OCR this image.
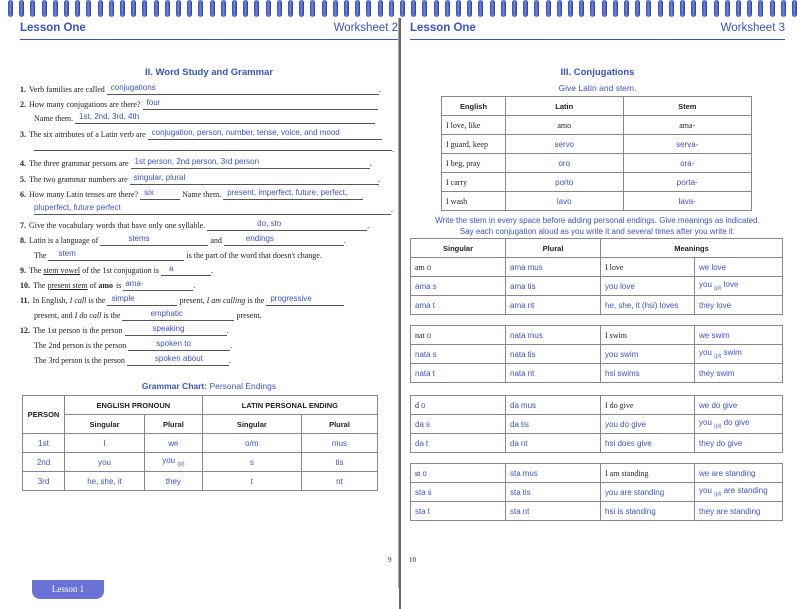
Lesson One	Worksheet 2
II. Word Study and Grammar
1. Verb families are called conjugations	.
2. How many conjugations are there? four
Name them. 1st, 2nd, 3rd, 4th
3. The six attributes of a Latin verb are conjugation, person, number, tense, voice, and mood
.
4. The three grammar persons are 1st person, 2nd person, 3rd person	.
5. The two grammar numbers are singular, plural	.
6. How many Latin tenses are there? six	Name them. present, imperfect, future, perfect,
pluperfect, future perfect	.
7. Give the vocabulary words that have only one syllable.	do, sto	.
8. Latin is a language of	stems	and	endings	.
The stem	is the part of the word that doesn't change.
9. The stem vowel of the 1st conjugation is a	.
10. The present stem of amo is ama-	.
11. In English, I call is the simple	present, I am calling is the progressive
present, and I do call is the	emphatic	present.
12. The 1st person is the person	speaking	.
The 2nd person is the person	spoken to	.
The 3rd person is the person	spoken about	.
Grammar Chart: Personal Endings
PERSON	ENGLISH PRONOUN		LATIN PERSONAL ENDING	
	Singular	Plural	Singular	Plural
1st	I	we	o/m	mus
2nd	you	you $_{(pl)}$	s	tis
3rd	he, she, it	they	t	nt
9
Lesson 1
Lesson One	Worksheet 3
III. Conjugations
Give Latin and stem.
English	Latin	Stem
I love, like	amo	ama-
I guard, keep	servo	serva-
I beg, pray	oro	ora-
I carry	porto	porta-
I wash	lavo	lava-
Write the stem in every space before adding personal endings. Give meanings as indicated.
Say each conjugation aloud as you write it and several times after you write it.
Singular	Plural	Meanings	
am o	ama mus	I love	we love
ama s	ama tis	you love	you $_{(pl)}$ love
ama t	ama nt	he, she, it (hsi) loves	they love
nat o	nata mus	I swim	we swim
nata s	nata tis	you swim	you $_{(pl)}$ swim
nata t	nata nt	hsi swims	they swim
d o	da mus	I do give	we do give
da s	da tis	you do give	you $_{(pl)}$ do give
da t	da nt	hsi does give	they do give
st o	sta mus	I am standing	we are standing
sta s	sta tis	you are standing	you $_{(pl)}$ are standing
sta t	sta nt	hsi is standing	they are standing
10
